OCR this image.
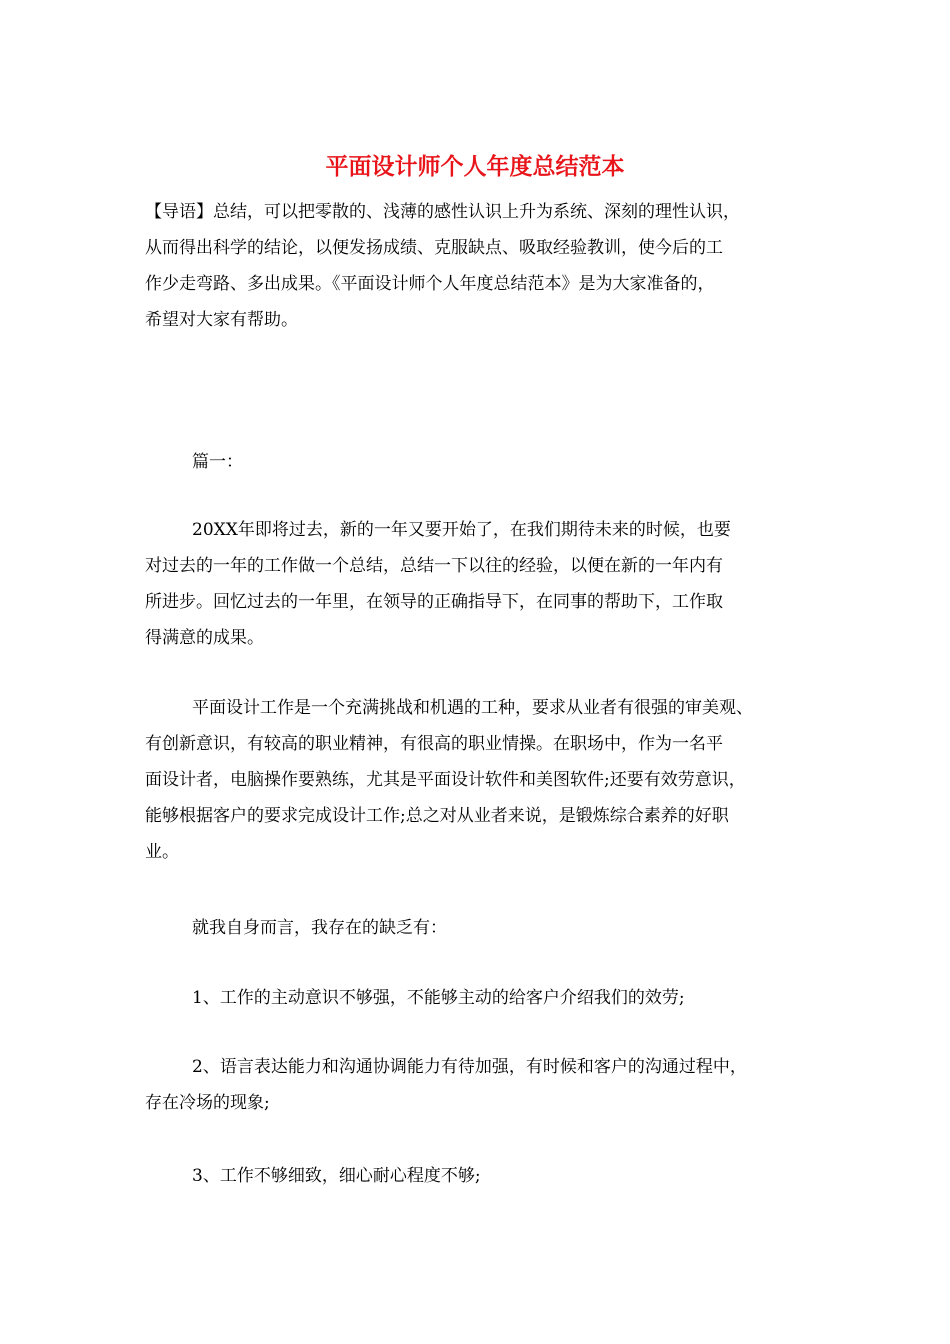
平面设计师个人年度总结范本
【导语】总结，可以把零散的、浅薄的感性认识上升为系统、深刻的理性认识，
从而得出科学的结论，以便发扬成绩、克服缺点、吸取经验教训，使今后的工
作少走弯路、多出成果。《平面设计师个人年度总结范本》是为大家准备的，
希望对大家有帮助。
篇一：
20XX年即将过去，新的一年又要开始了，在我们期待未来的时候，也要
对过去的一年的工作做一个总结，总结一下以往的经验，以便在新的一年内有
所进步。回忆过去的一年里，在领导的正确指导下，在同事的帮助下，工作取
得满意的成果。
平面设计工作是一个充满挑战和机遇的工种，要求从业者有很强的审美观、
有创新意识，有较高的职业精神，有很高的职业情操。在职场中，作为一名平
面设计者，电脑操作要熟练，尤其是平面设计软件和美图软件;还要有效劳意识，
能够根据客户的要求完成设计工作;总之对从业者来说，是锻炼综合素养的好职
业。
就我自身而言，我存在的缺乏有：
1、工作的主动意识不够强，不能够主动的给客户介绍我们的效劳;
2、语言表达能力和沟通协调能力有待加强，有时候和客户的沟通过程中，
存在冷场的现象;
3、工作不够细致，细心耐心程度不够;
